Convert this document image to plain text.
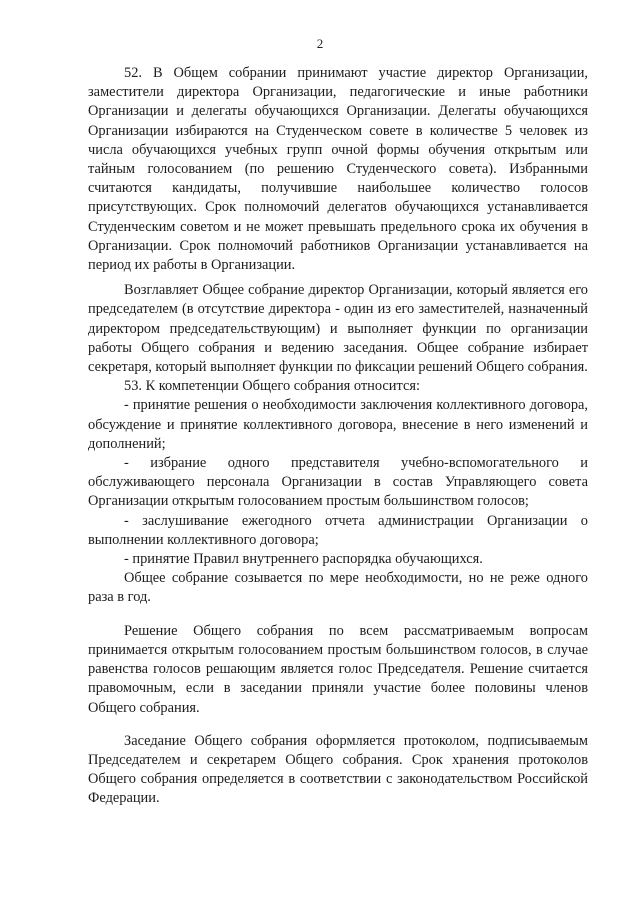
2

52. В Общем собрании принимают участие директор Организации, заместители директора Организации, педагогические и иные работники Организации и делегаты обучающихся Организации. Делегаты обучающихся Организации избираются на Студенческом совете в количестве 5 человек из числа обучающихся учебных групп очной формы обучения открытым или тайным голосованием (по решению Студенческого совета). Избранными считаются кандидаты, получившие наибольшее количество голосов присутствующих. Срок полномочий делегатов обучающихся устанавливается Студенческим советом и не может превышать предельного срока их обучения в Организации. Срок полномочий работников Организации устанавливается на период их работы в Организации.

Возглавляет Общее собрание директор Организации, который является его председателем (в отсутствие директора - один из его заместителей, назначенный директором председательствующим) и выполняет функции по организации работы Общего собрания и ведению заседания. Общее собрание избирает секретаря, который выполняет функции по фиксации решений Общего собрания.

53. К компетенции Общего собрания относится:

- принятие решения о необходимости заключения коллективного договора, обсуждение и принятие коллективного договора, внесение в него изменений и дополнений;

- избрание одного представителя учебно-вспомогательного и обслуживающего персонала Организации в состав Управляющего совета Организации открытым голосованием простым большинством голосов;

- заслушивание ежегодного отчета администрации Организации о выполнении коллективного договора;

- принятие Правил внутреннего распорядка обучающихся.

Общее собрание созывается по мере необходимости, но не реже одного раза в год.

Решение Общего собрания по всем рассматриваемым вопросам принимается открытым голосованием простым большинством голосов, в случае равенства голосов решающим является голос Председателя. Решение считается правомочным, если в заседании приняли участие более половины членов Общего собрания.

Заседание Общего собрания оформляется протоколом, подписываемым Председателем и секретарем Общего собрания. Срок хранения протоколов Общего собрания определяется в соответствии с законодательством Российской Федерации.
